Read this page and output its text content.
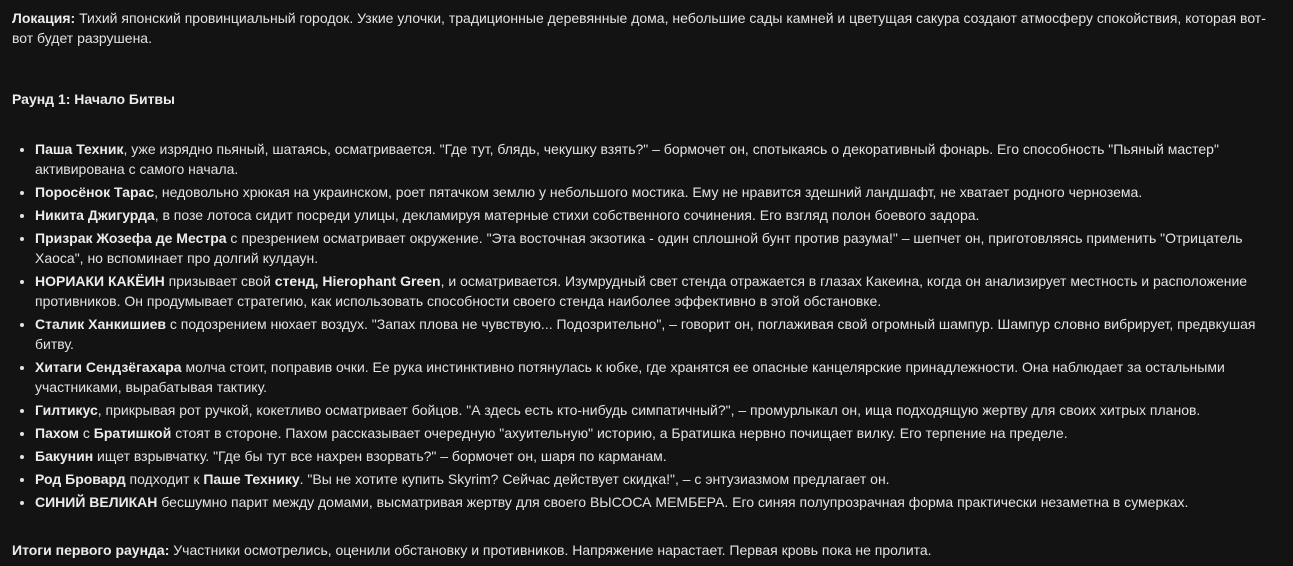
Локация: Тихий японский провинциальный городок. Узкие улочки, традиционные деревянные дома, небольшие сады камней и цветущая сакура создают атмосферу спокойствия, которая вот-вот будет разрушена.

Раунд 1: Начало Битвы

• Паша Техник, уже изрядно пьяный, шатаясь, осматривается. "Где тут, блядь, чекушку взять?" – бормочет он, спотыкаясь о декоративный фонарь. Его способность "Пьяный мастер" активирована с самого начала.
• Поросёнок Тарас, недовольно хрюкая на украинском, роет пятачком землю у небольшого мостика. Ему не нравится здешний ландшафт, не хватает родного чернозема.
• Никита Джигурда, в позе лотоса сидит посреди улицы, декламируя матерные стихи собственного сочинения. Его взгляд полон боевого задора.
• Призрак Жозефа де Местра с презрением осматривает окружение. "Эта восточная экзотика - один сплошной бунт против разума!" – шепчет он, приготовляясь применить "Отрицатель Хаоса", но вспоминает про долгий кулдаун.
• НОРИАКИ КАКЁИН призывает свой стенд, Hierophant Green, и осматривается. Изумрудный свет стенда отражается в глазах Какеина, когда он анализирует местность и расположение противников. Он продумывает стратегию, как использовать способности своего стенда наиболее эффективно в этой обстановке.
• Сталик Ханкишиев с подозрением нюхает воздух. "Запах плова не чувствую... Подозрительно", – говорит он, поглаживая свой огромный шампур. Шампур словно вибрирует, предвкушая битву.
• Хитаги Сендзёгахара молча стоит, поправив очки. Ее рука инстинктивно потянулась к юбке, где хранятся ее опасные канцелярские принадлежности. Она наблюдает за остальными участниками, вырабатывая тактику.
• Гилтикус, прикрывая рот ручкой, кокетливо осматривает бойцов. "А здесь есть кто-нибудь симпатичный?", – промурлыкал он, ища подходящую жертву для своих хитрых планов.
• Пахом с Братишкой стоят в стороне. Пахом рассказывает очередную "ахуительную" историю, а Братишка нервно почищает вилку. Его терпение на пределе.
• Бакунин ищет взрывчатку. "Где бы тут все нахрен взорвать?" – бормочет он, шаря по карманам.
• Род Бровард подходит к Паше Технику. "Вы не хотите купить Skyrim? Сейчас действует скидка!", – с энтузиазмом предлагает он.
• СИНИЙ ВЕЛИКАН бесшумно парит между домами, высматривая жертву для своего ВЫСОСА МЕМБЕРА. Его синяя полупрозрачная форма практически незаметна в сумерках.

Итоги первого раунда: Участники осмотрелись, оценили обстановку и противников. Напряжение нарастает. Первая кровь пока не пролита.
